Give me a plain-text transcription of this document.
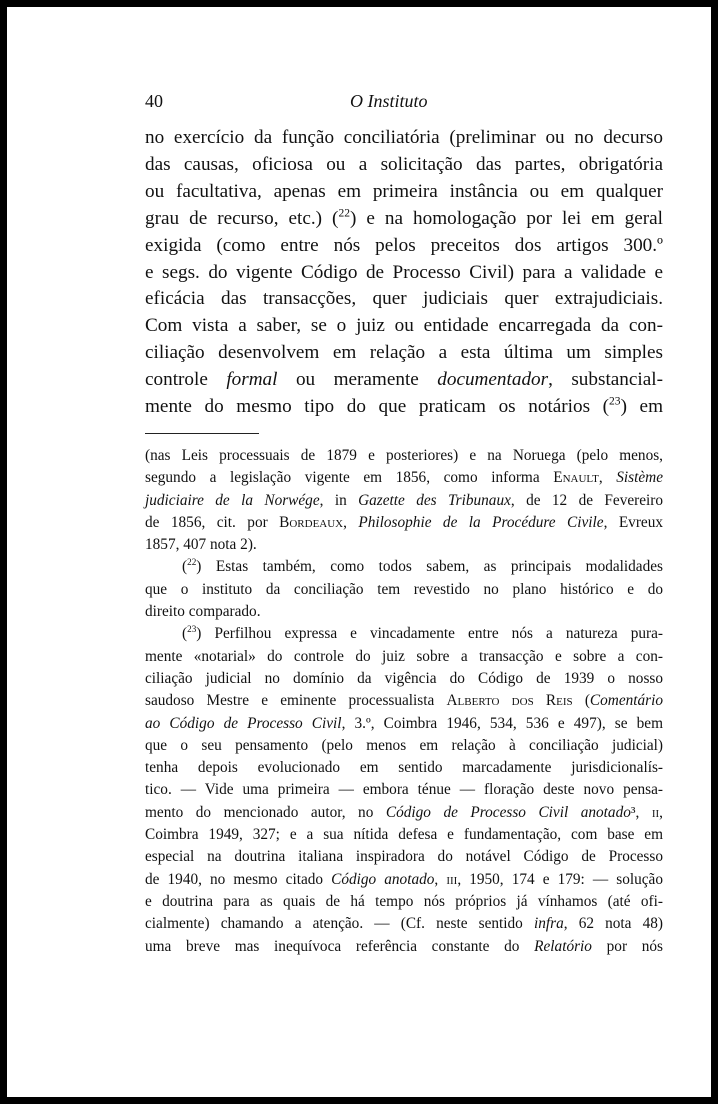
40	O Instituto

no exercício da função conciliatória (preliminar ou no decurso

das causas, oficiosa ou a solicitação das partes, obrigatória

ou facultativa, apenas em primeira instância ou em qualquer

grau de recurso, etc.) ($^{22}$) e na homologação por lei em geral

exigida (como entre nós pelos preceitos dos artigos 300.º

e segs. do vigente Código de Processo Civil) para a validade e

eficácia das transacções, quer judiciais quer extrajudiciais.

Com vista a saber, se o juiz ou entidade encarregada da con-

ciliação desenvolvem em relação a esta última um simples

controle formal ou meramente documentador, substancial-

mente do mesmo tipo do que praticam os notários ($^{23}$) em

(nas Leis processuais de 1879 e posteriores) e na Noruega (pelo menos,

segundo a legislação vigente em 1856, como informa Enault, Sistème

judiciaire de la Norwége, in Gazette des Tribunaux, de 12 de Fevereiro

de 1856, cit. por Bordeaux, Philosophie de la Procédure Civile, Evreux

1857, 407 nota 2).

($^{22}$) Estas também, como todos sabem, as principais modalidades

que o instituto da conciliação tem revestido no plano histórico e do

direito comparado.

($^{23}$) Perfilhou expressa e vincadamente entre nós a natureza pura-

mente «notarial» do controle do juiz sobre a transacção e sobre a con-

ciliação judicial no domínio da vigência do Código de 1939 o nosso

saudoso Mestre e eminente processualista Alberto dos Reis (Comentário

ao Código de Processo Civil, 3.º, Coimbra 1946, 534, 536 e 497), se bem

que o seu pensamento (pelo menos em relação à conciliação judicial)

tenha depois evolucionado em sentido marcadamente jurisdicionalís-

tico. — Vide uma primeira — embora ténue — floração deste novo pensa-

mento do mencionado autor, no Código de Processo Civil anotado³, ii,

Coimbra 1949, 327; e a sua nítida defesa e fundamentação, com base em

especial na doutrina italiana inspiradora do notável Código de Processo

de 1940, no mesmo citado Código anotado, iii, 1950, 174 e 179: — solução

e doutrina para as quais de há tempo nós próprios já vínhamos (até ofi-

cialmente) chamando a atenção. — (Cf. neste sentido infra, 62 nota 48)

uma breve mas inequívoca referência constante do Relatório por nós
